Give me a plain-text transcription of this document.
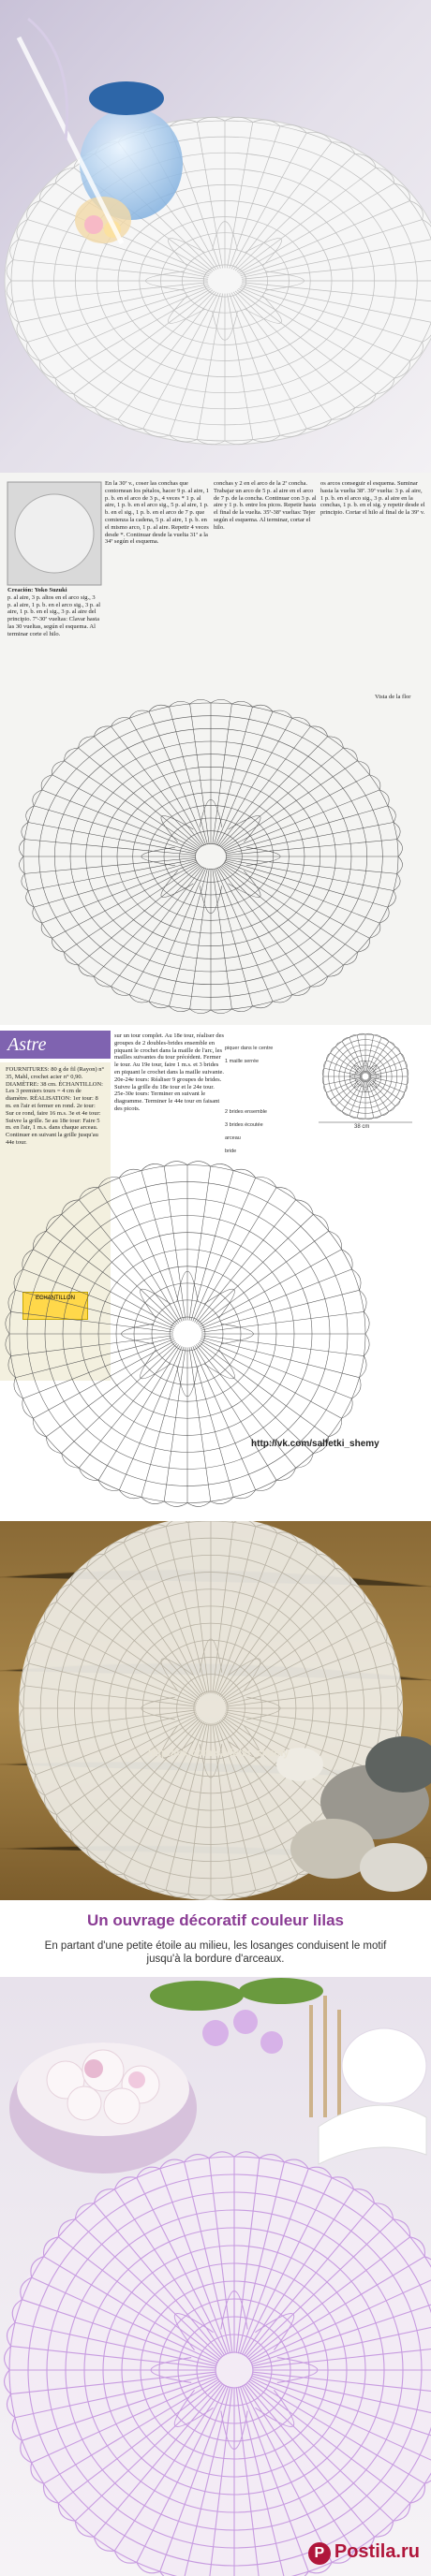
Creación: Yoko Suzuki
p. al aire, 3 p. altos en el arco sig., 3 p. al aire, 1 p. b. en el arco sig., 3 p. al aire, 1 p. b. en el sig., 3 p. al aire del principio. 7ª-30ª vueltas: Clavar hasta las 30 vueltas, según el esquema. Al terminar corte el hilo.
En la 30ª v., coser las conchas que contornean los pétalos, hacer 9 p. al aire, 1 p. b. en el arco de 3 p., 4 veces * 1 p. al aire, 1 p. b. en el arco sig., 5 p. al aire, 1 p. b. en el sig., 1 p. b. en el arco de 7 p. que comienza la cadena, 5 p. al aire, 1 p. b. en el mismo arco, 1 p. al aire. Repetir 4 veces desde *. Continuar desde la vuelta 31ª a la 34ª según el esquema.
conchas y 2 en el arco de la 2ª concha. Trabajar un arco de 5 p. al aire en el arco de 7 p. de la concha. Continuar con 3 p. al aire y 1 p. b. entre los picos. Repetir hasta el final de la vuelta. 35ª-38ª vueltas: Tejer según el esquema. Al terminar, cortar el hilo.
os arcos conseguir el esquema. Suminar hasta la vuelta 38ª. 39ª vuelta: 3 p. al aire, 1 p. b. en el arco sig., 3 p. al aire en la conchas, 1 p. b. en el sig. y repetir desde el principio. Cortar el hilo al final de la 39ª v.
Vista de la flor
Astre
FOURNITURES: 80 g de fil (Rayon) n° 35, Mahl, crochet acier n° 0,90. DIAMÈTRE: 38 cm. ÉCHANTILLON: Les 3 premiers tours = 4 cm de diamètre. RÉALISATION: 1er tour: 8 m. en l'air et fermer en rond. 2e tour: Sur ce rond, faire 16 m.s. 3e et 4e tour: Suivre la grille. 5e au 18e tour: Faire 5 m. en l'air, 1 m.s. dans chaque arceau. Continuer en suivant la grille jusqu'au 44e tour.
ECHANTILLON
sur un tour complet. Au 18e tour, réaliser des groupes de 2 doubles-brides ensemble en piquant le crochet dans la maille de l'arc, les mailles suivantes du tour précédent. Fermer le tour. Au 19e tour, faire 1 m.s. et 3 brides en piquant le crochet dans la maille suivante. 20e-24e tours: Réaliser 9 groupes de brides. Suivre la grille du 18e tour et le 24e tour. 25e-30e tours: Terminer en suivant le diagramme. Terminer le 44e tour en faisant des picots.
piquer dans le centre
1 maille serrée
2 brides ensemble
3 brides écoutée
arceau
bride
38 cm
http://vk.com/salfetki_shemy
http://vk.com/salfetki_shemy
Un ouvrage décoratif couleur lilas
En partant d'une petite étoile au milieu, les losanges conduisent le motif jusqu'à la bordure d'arceaux.
P Postila.ru
